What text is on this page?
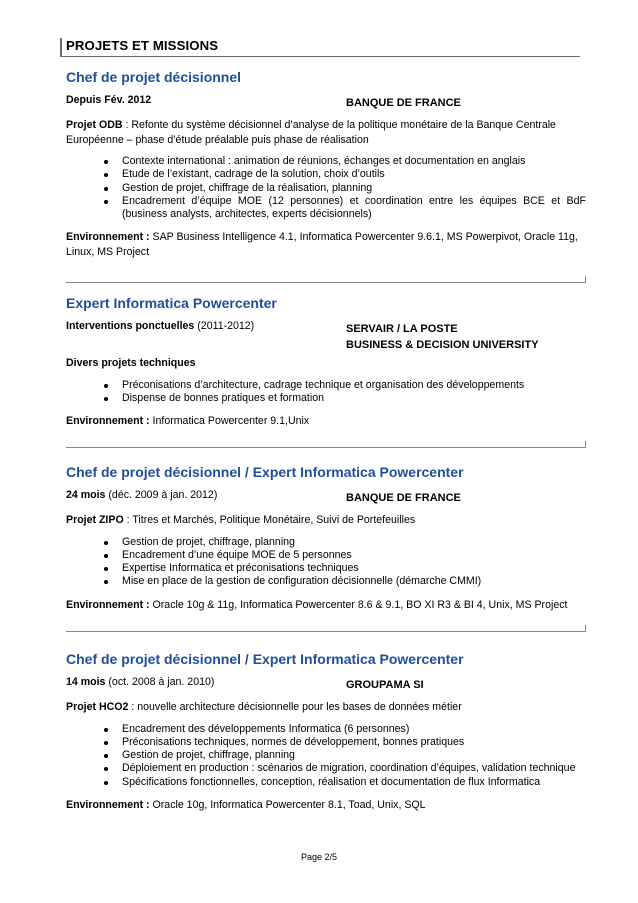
PROJETS ET MISSIONS
Chef de projet décisionnel
Depuis Fév. 2012	BANQUE DE FRANCE
Projet ODB : Refonte du système décisionnel d’analyse de la politique monétaire de la Banque Centrale Européenne – phase d’étude préalable puis phase de réalisation
Contexte international : animation de réunions, échanges et documentation en anglais
Etude de l’existant, cadrage de la solution, choix d’outils
Gestion de projet, chiffrage de la réalisation, planning
Encadrement d’équipe MOE (12 personnes) et coordination entre les équipes BCE et BdF (business analysts, architectes, experts décisionnels)
Environnement : SAP Business Intelligence 4.1, Informatica Powercenter 9.6.1, MS Powerpivot, Oracle 11g, Linux, MS Project
Expert Informatica Powercenter
Interventions ponctuelles (2011-2012)	SERVAIR / LA POSTE
BUSINESS & DECISION UNIVERSITY
Divers projets techniques
Préconisations d’architecture, cadrage technique et organisation des développements
Dispense de bonnes pratiques et formation
Environnement : Informatica Powercenter 9.1,Unix
Chef de projet décisionnel / Expert Informatica Powercenter
24 mois (déc. 2009 à jan. 2012)	BANQUE DE FRANCE
Projet ZIPO : Titres et Marchés, Politique Monétaire, Suivi de Portefeuilles
Gestion de projet, chiffrage, planning
Encadrement d’une équipe MOE de 5 personnes
Expertise Informatica et préconisations techniques
Mise en place de la gestion de configuration décisionnelle (démarche CMMI)
Environnement : Oracle 10g & 11g, Informatica Powercenter 8.6 & 9.1, BO XI R3 & BI 4, Unix, MS Project
Chef de projet décisionnel / Expert Informatica Powercenter
14 mois (oct. 2008 à jan. 2010)	GROUPAMA SI
Projet HCO2 : nouvelle architecture décisionnelle pour les bases de données métier
Encadrement des développements Informatica (6 personnes)
Préconisations techniques, normes de développement, bonnes pratiques
Gestion de projet, chiffrage, planning
Déploiement en production : scénarios de migration, coordination d’équipes, validation technique
Spécifications fonctionnelles, conception, réalisation et documentation de flux Informatica
Environnement : Oracle 10g, Informatica Powercenter 8.1, Toad, Unix, SQL
Page 2/5
